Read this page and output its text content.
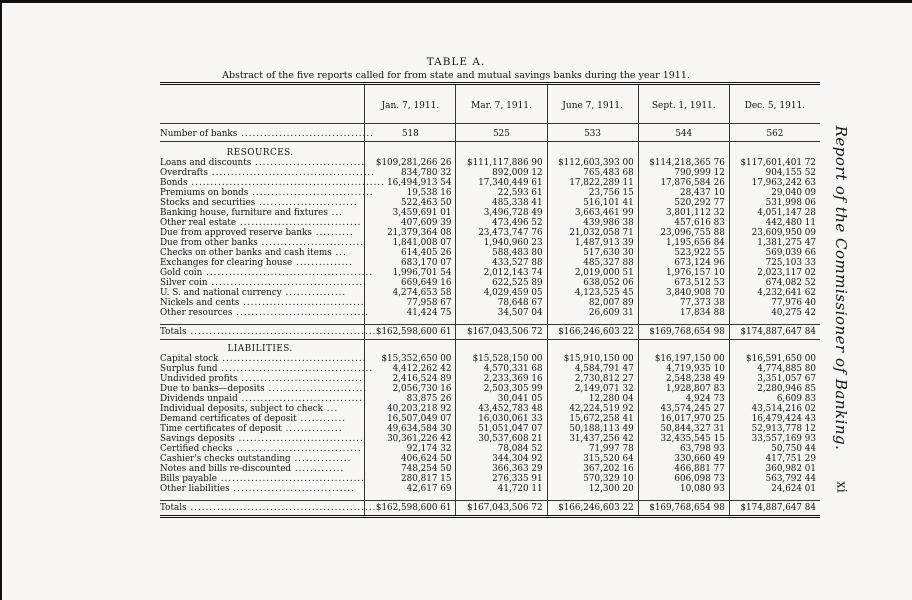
TABLE A.
Abstract of the five reports called for from state and mutual savings banks during the year 1911.

	Jan. 7, 1911.	Mar. 7, 1911.	June 7, 1911.	Sept. 1, 1911.	Dec. 5, 1911.

Number of banks ...................................	518	525	533	544	562

RESOURCES.					
Loans and discounts .............................	$109,281,266 26	$111,117,886 90	$112,603,393 00	$114,218,365 76	$117,601,401 72
Overdrafts ...........................................	834,780 32	892,009 12	765,483 68	790,999 12	904,155 52
Bonds ...................................................	16,494,913 54	17,340,449 61	17,822,289 11	17,876,584 26	17,963,242 63
Premiums on bonds ................................	19,538 16	22,593 61	23,756 15	28,437 10	29,040 09
Stocks and securities ..........................	522,463 50	485,338 41	516,101 41	520,292 77	531,998 06
Banking house, furniture and fixtures ...	3,459,691 01	3,496,728 49	3,663,461 99	3,801,112 32	4,051,147 28
Other real estate ................................	407,609 39	473,496 52	439,986 38	457,616 83	442,480 11
Due from approved reserve banks ..........	21,379,364 08	23,473,747 76	21,032,058 71	23,096,755 88	23,609,950 09
Due from other banks ...........................	1,841,008 07	1,940,960 23	1,487,913 39	1,195,656 84	1,381,275 47
Checks on other banks and cash items ...	614,405 26	588,483 80	517,630 30	523,922 55	569,039 66
Exchanges for clearing house ...............	683,170 07	433,527 88	485,327 88	673,124 96	725,103 33
Gold coin ............................................	1,996,701 54	2,012,143 74	2,019,000 51	1,976,157 10	2,023,117 02
Silver coin .........................................	669,649 16	622,525 89	638,052 06	673,512 53	674,082 52
U. S. and national currency ................	4,274,653 58	4,029,459 05	4,123,525 45	3,840,908 70	4,232,641 62
Nickels and cents ................................	77,958 67	78,648 67	82,007 89	77,373 38	77,976 40
Other resources ...................................	41,424 75	34,507 04	26,609 31	17,834 88	40,275 42

Totals .................................................	$162,598,600 61	$167,043,506 72	$166,246,603 22	$169,768,654 98	$174,887,647 84
LIABILITIES.					
Capital stock ......................................	$15,352,650 00	$15,528,150 00	$15,910,150 00	$16,197,150 00	$16,591,650 00
Surplus fund ........................................	4,412,262 42	4,570,331 68	4,584,791 47	4,719,935 10	4,774,885 80
Undivided profits ................................	2,416,524 89	2,233,369 16	2,730,812 27	2,548,238 49	3,351,057 67
Due to banks—deposits ..........................	2,056,730 16	2,503,305 99	2,149,071 32	1,928,807 83	2,280,946 85
Dividends unpaid .................................	83,875 26	30,041 05	12,280 04	4,924 73	6,609 83
Individual deposits, subject to check ...	40,203,218 92	43,452,783 48	42,224,519 92	43,574,245 27	43,514,216 02
Demand certificates of deposit ............	16,507,049 07	16,030,061 33	15,672,258 41	16,017,970 25	16,479,424 43
Time certificates of deposit ...............	49,634,584 30	51,051,047 07	50,188,113 49	50,844,327 31	52,913,778 12
Savings deposits .................................	30,361,226 42	30,537,608 21	31,437,256 42	32,435,545 15	33,557,169 93
Certified checks .................................	92,174 32	78,084 52	71,997 78	63,798 93	50,750 44
Cashier's checks outstanding ...............	406,624 50	344,304 92	315,520 64	330,660 49	417,751 29
Notes and bills re-discounted .............	748,254 50	366,363 29	367,202 16	466,881 77	360,982 01
Bills payable ......................................	280,817 15	276,335 91	570,329 10	606,098 73	563,792 44
Other liabilities ................................	42,617 69	41,720 11	12,300 20	10,080 93	24,624 01

Totals .................................................	$162,598,600 61	$167,043,506 72	$166,246,603 22	$169,768,654 98	$174,887,647 84
Report of the Commissioner of Banking.
xi
